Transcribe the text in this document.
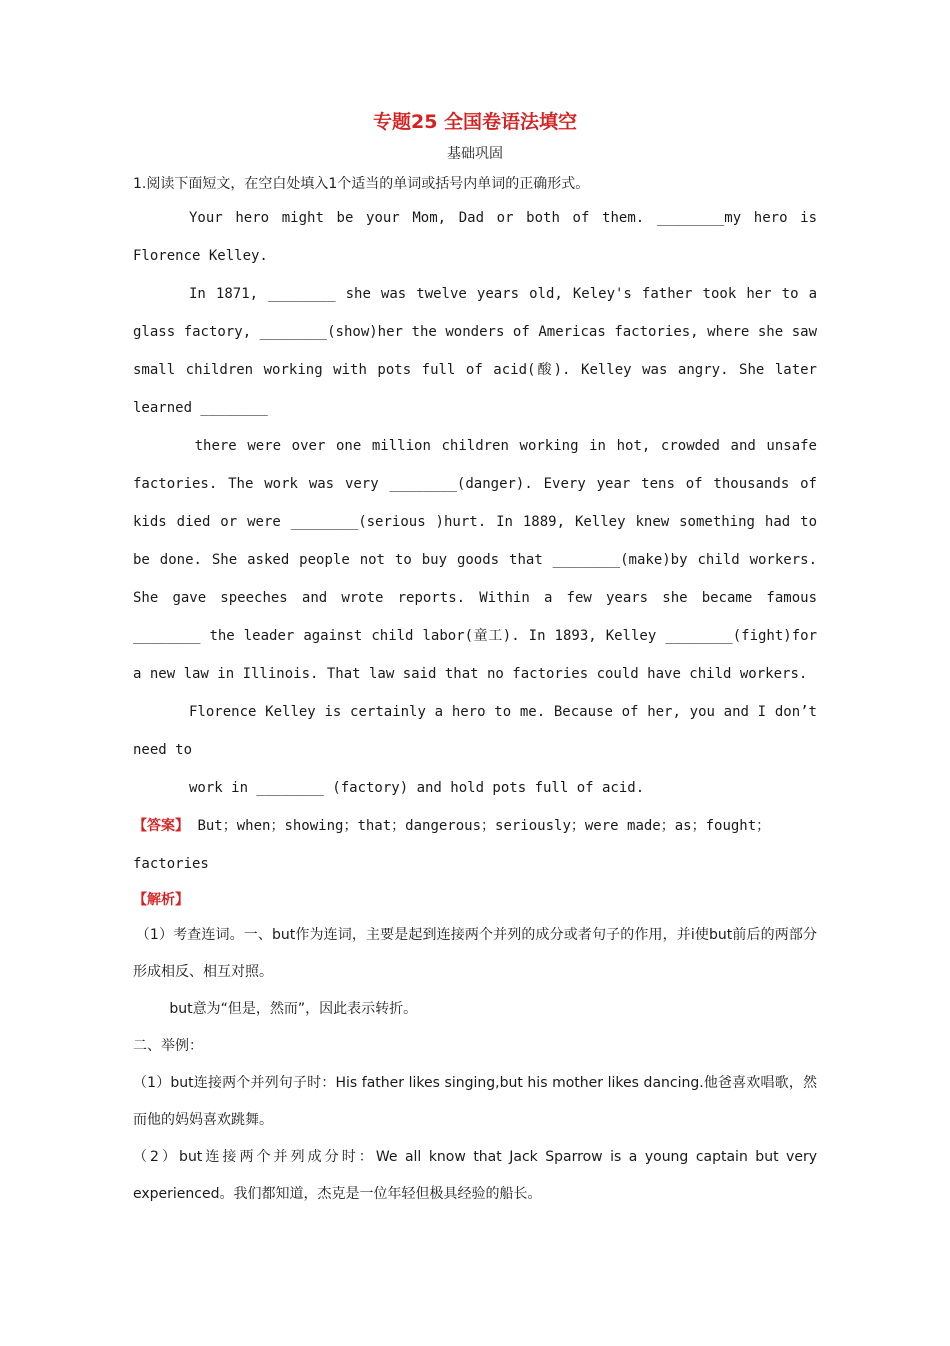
专题25 全国卷语法填空

基础巩固

1.阅读下面短文，在空白处填入1个适当的单词或括号内单词的正确形式。

Your hero might be your Mom, Dad or both of them. ________my hero is Florence Kelley.

In 1871, ________ she was twelve years old, Keley's father took her to a glass factory, ________(show)her the wonders of Americas factories, where she saw small children working with pots full of acid(酸). Kelley was angry. She later learned ________

there were over one million children working in hot, crowded and unsafe factories. The work was very ________(danger). Every year tens of thousands of kids died or were ________(serious )hurt. In 1889, Kelley knew something had to be done. She asked people not to buy goods that ________(make)by child workers. She gave speeches and wrote reports. Within a few years she became famous ________ the leader against child labor(童工). In 1893, Kelley ________(fight)for a new law in Illinois. That law said that no factories could have child workers.

Florence Kelley is certainly a hero to me. Because of her, you and I don’t need to

work in ________ (factory) and hold pots full of acid.

【答案】 But；when；showing；that；dangerous；seriously；were made；as；fought；factories

【解析】

（1）考查连词。一、but作为连词，主要是起到连接两个并列的成分或者句子的作用，并i使but前后的两部分形成相反、相互对照。

but意为“但是，然而”，因此表示转折。

二、举例：

（1）but连接两个并列句子时：His father likes singing,but his mother likes dancing.他爸喜欢唱歌，然而他的妈妈喜欢跳舞。

（2）but连接两个并列成分时：We all know that Jack Sparrow is a young captain but very experienced。我们都知道，杰克是一位年轻但极具经验的船长。
